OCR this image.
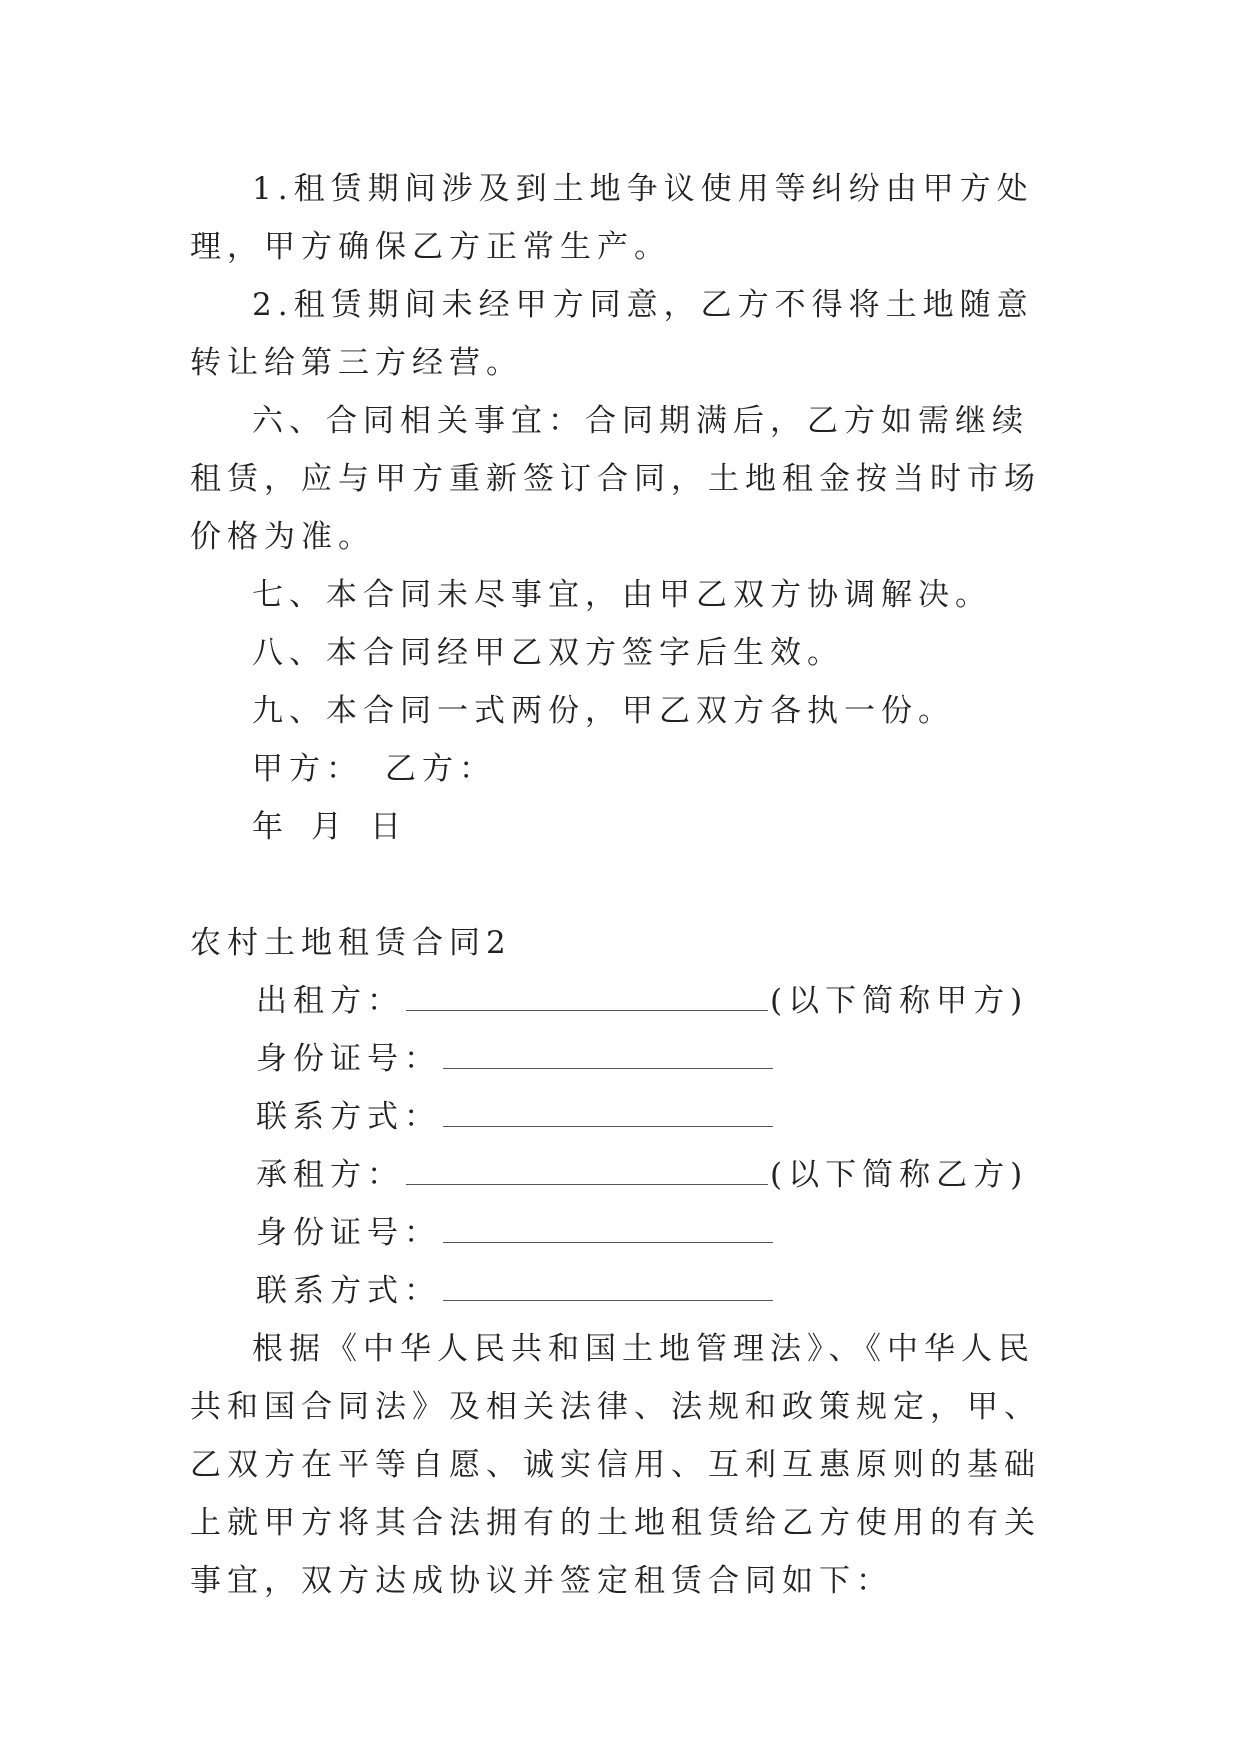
1.租赁期间涉及到土地争议使用等纠纷由甲方处理，甲方确保乙方正常生产。

2.租赁期间未经甲方同意，乙方不得将土地随意转让给第三方经营。

六、合同相关事宜：合同期满后，乙方如需继续租赁，应与甲方重新签订合同，土地租金按当时市场价格为准。

七、本合同未尽事宜，由甲乙双方协调解决。

八、本合同经甲乙双方签字后生效。

九、本合同一式两份，甲乙双方各执一份。

甲方： 乙方：

年 月 日

农村土地租赁合同2

出租方：	(以下简称甲方)

身份证号：

联系方式：

承租方：	(以下简称乙方)

身份证号：

联系方式：

根据《中华人民共和国土地管理法》、《中华人民共和国合同法》及相关法律、法规和政策规定，甲、乙双方在平等自愿、诚实信用、互利互惠原则的基础上就甲方将其合法拥有的土地租赁给乙方使用的有关事宜，双方达成协议并签定租赁合同如下：
